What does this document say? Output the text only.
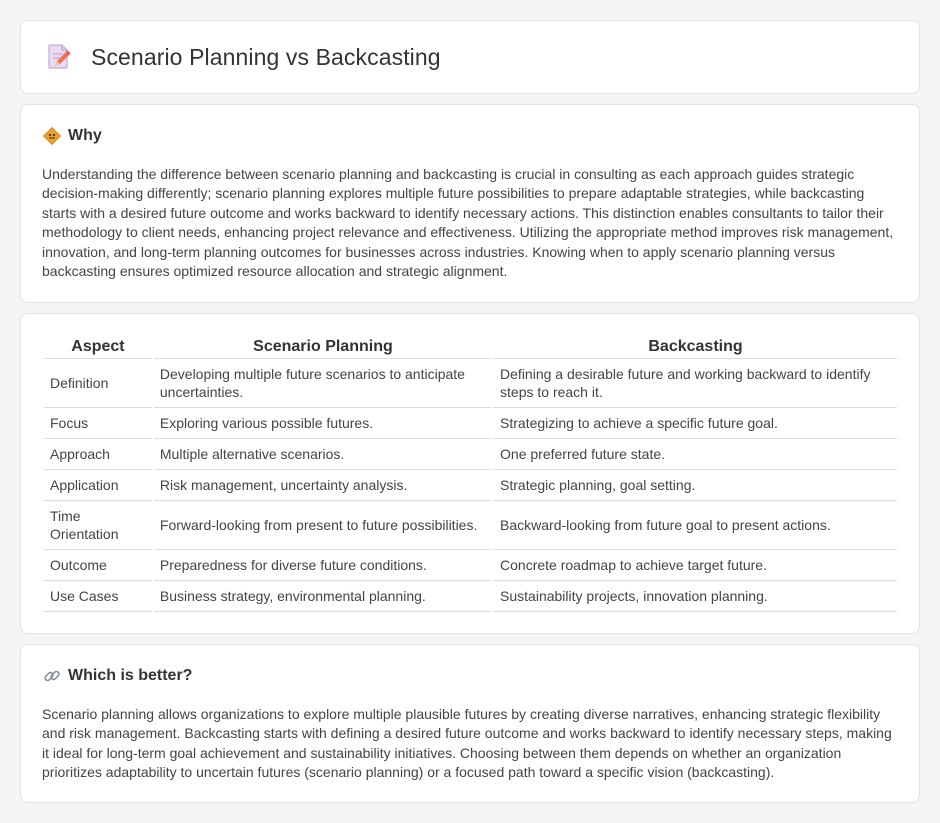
Scenario Planning vs Backcasting
Why

Understanding the difference between scenario planning and backcasting is crucial in consulting as each approach guides strategic decision-making differently; scenario planning explores multiple future possibilities to prepare adaptable strategies, while backcasting starts with a desired future outcome and works backward to identify necessary actions. This distinction enables consultants to tailor their methodology to client needs, enhancing project relevance and effectiveness. Utilizing the appropriate method improves risk management, innovation, and long-term planning outcomes for businesses across industries. Knowing when to apply scenario planning versus backcasting ensures optimized resource allocation and strategic alignment.

Aspect	Scenario Planning	Backcasting
Definition	Developing multiple future scenarios to anticipate uncertainties.	Defining a desirable future and working backward to identify steps to reach it.
Focus	Exploring various possible futures.	Strategizing to achieve a specific future goal.
Approach	Multiple alternative scenarios.	One preferred future state.
Application	Risk management, uncertainty analysis.	Strategic planning, goal setting.
Time Orientation	Forward-looking from present to future possibilities.	Backward-looking from future goal to present actions.
Outcome	Preparedness for diverse future conditions.	Concrete roadmap to achieve target future.
Use Cases	Business strategy, environmental planning.	Sustainability projects, innovation planning.
Which is better?

Scenario planning allows organizations to explore multiple plausible futures by creating diverse narratives, enhancing strategic flexibility and risk management. Backcasting starts with defining a desired future outcome and works backward to identify necessary steps, making it ideal for long-term goal achievement and sustainability initiatives. Choosing between them depends on whether an organization prioritizes adaptability to uncertain futures (scenario planning) or a focused path toward a specific vision (backcasting).
